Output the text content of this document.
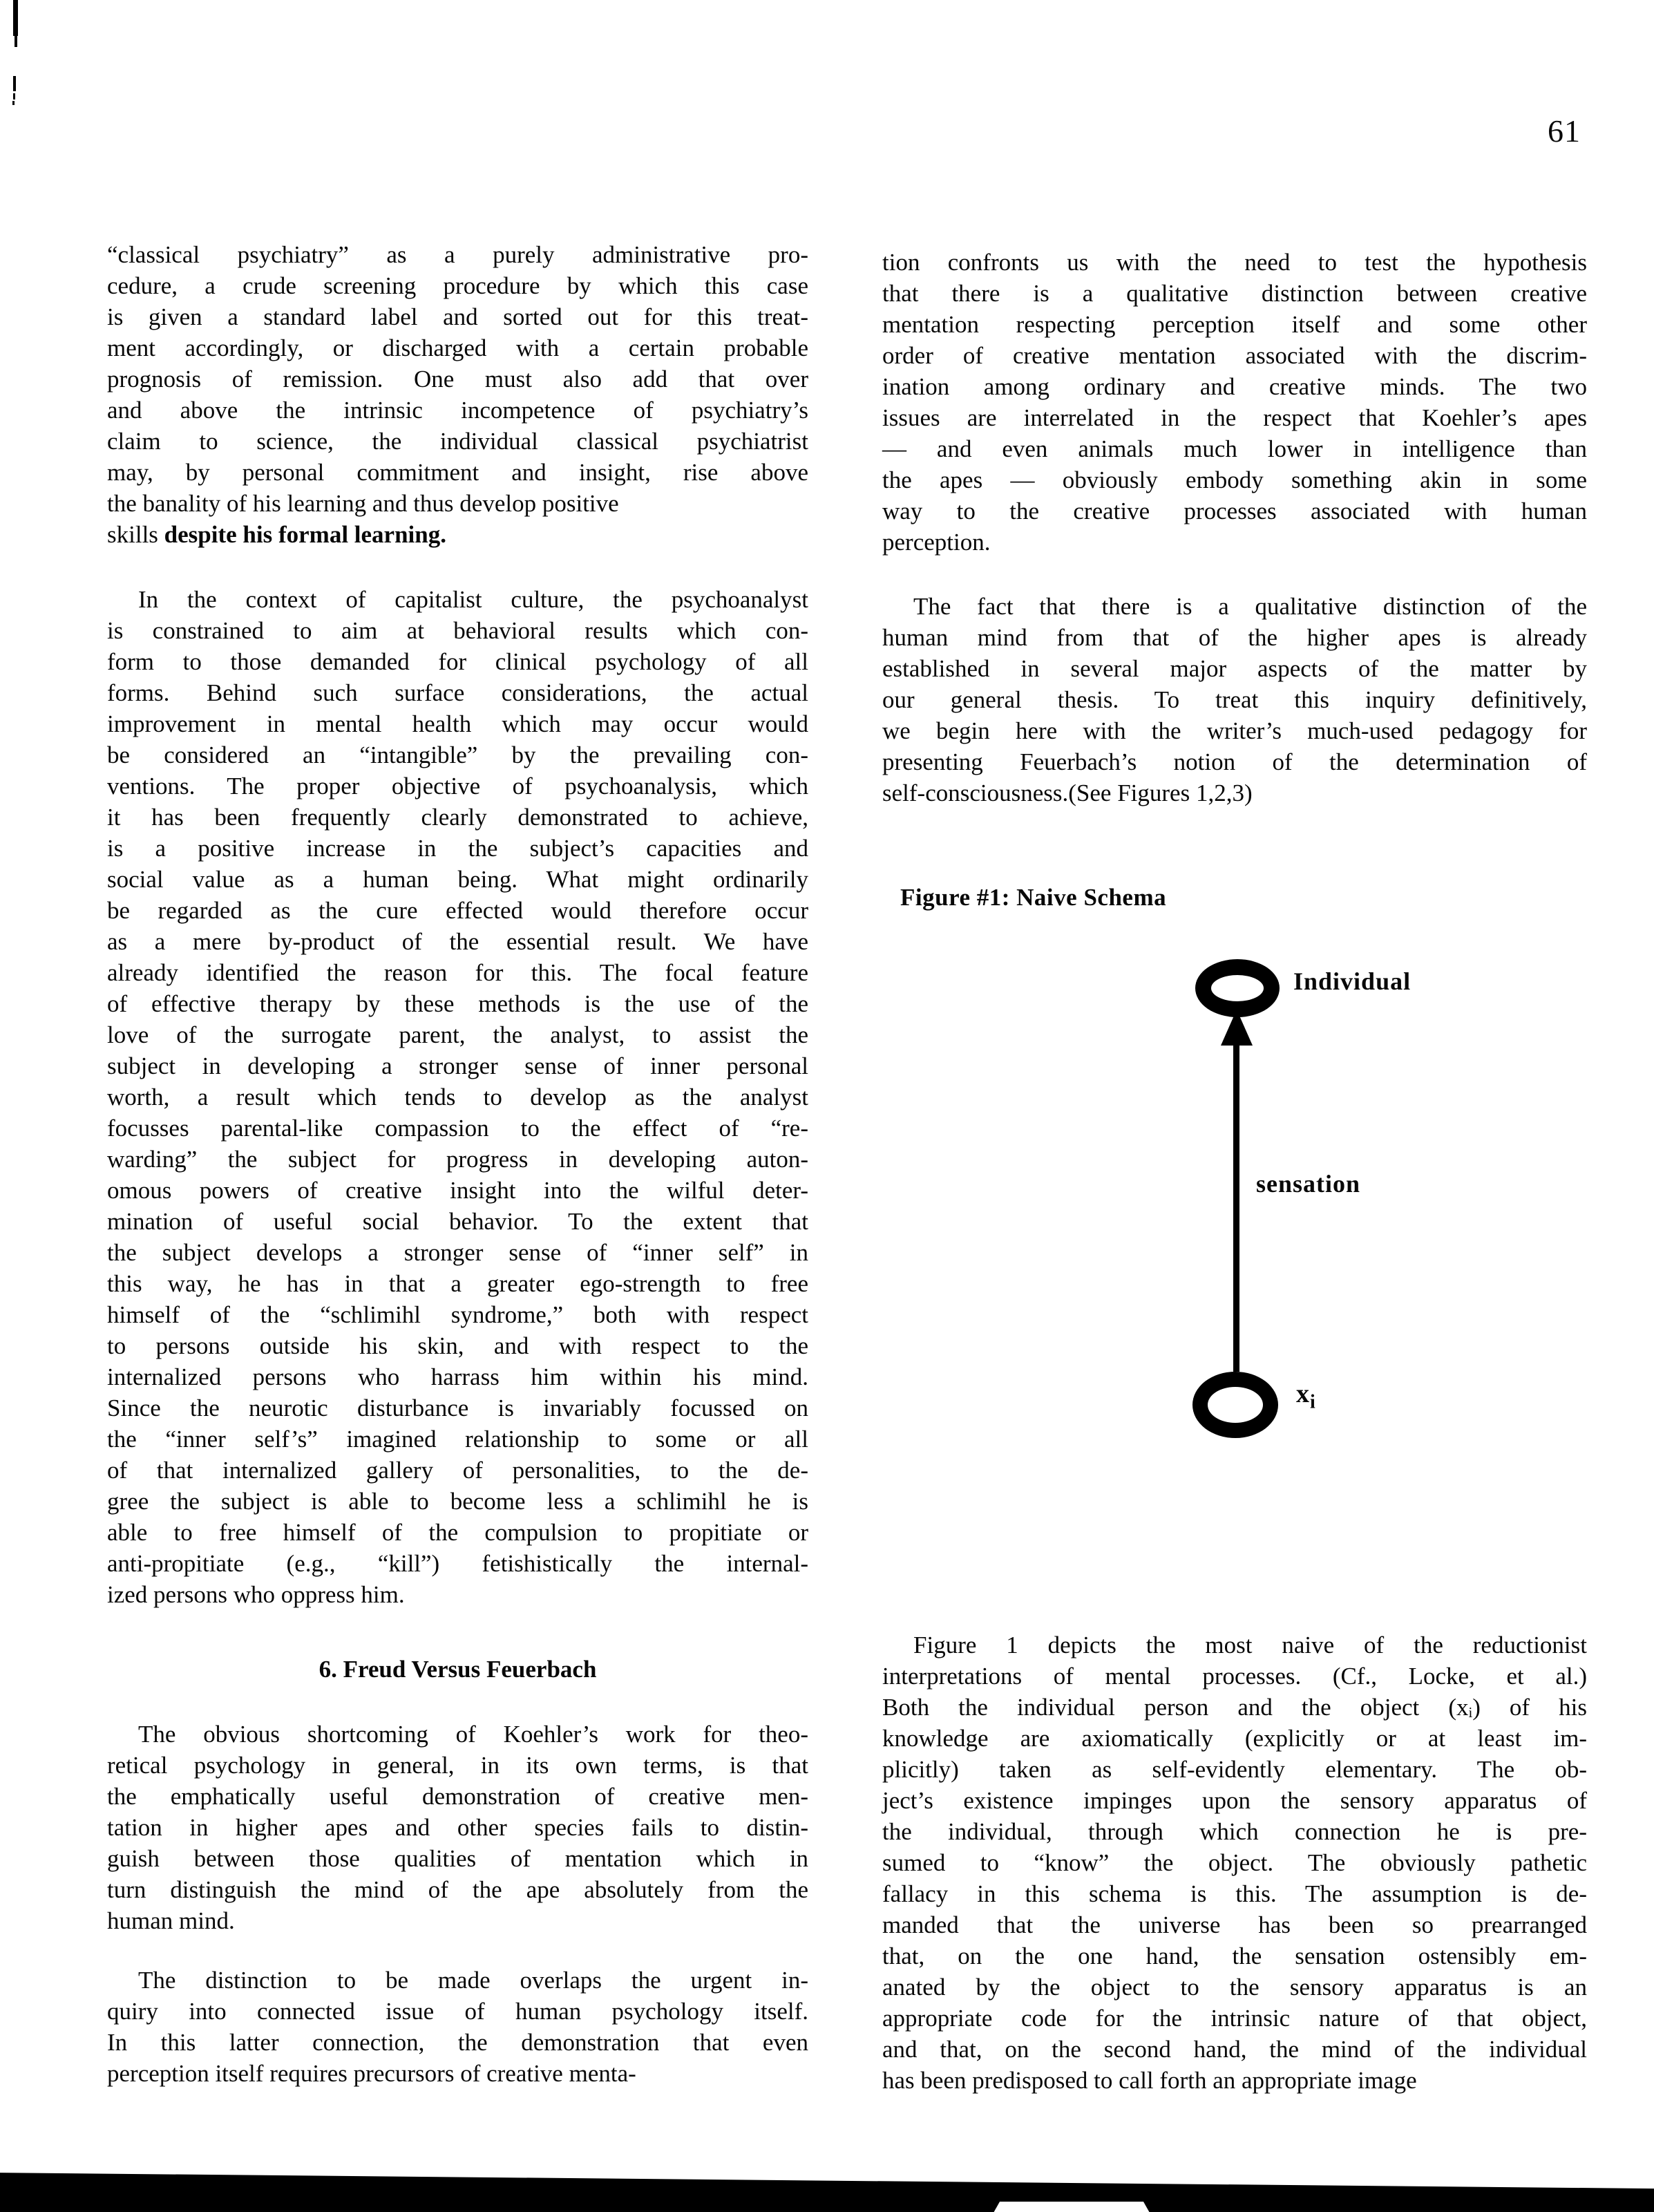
61
“classical psychiatry” as a purely administrative pro-
cedure, a crude screening procedure by which this case
is given a standard label and sorted out for this treat-
ment accordingly, or discharged with a certain probable
prognosis of remission. One must also add that over
and above the intrinsic incompetence of psychiatry’s
claim to science, the individual classical psychiatrist
may, by personal commitment and insight, rise above
the banality of his learning and thus develop positive
skills despite his formal learning.
In the context of capitalist culture, the psychoanalyst
is constrained to aim at behavioral results which con-
form to those demanded for clinical psychology of all
forms. Behind such surface considerations, the actual
improvement in mental health which may occur would
be considered an “intangible” by the prevailing con-
ventions. The proper objective of psychoanalysis, which
it has been frequently clearly demonstrated to achieve,
is a positive increase in the subject’s capacities and
social value as a human being. What might ordinarily
be regarded as the cure effected would therefore occur
as a mere by-product of the essential result. We have
already identified the reason for this. The focal feature
of effective therapy by these methods is the use of the
love of the surrogate parent, the analyst, to assist the
subject in developing a stronger sense of inner personal
worth, a result which tends to develop as the analyst
focusses parental-like compassion to the effect of “re-
warding” the subject for progress in developing auton-
omous powers of creative insight into the wilful deter-
mination of useful social behavior. To the extent that
the subject develops a stronger sense of “inner self” in
this way, he has in that a greater ego-strength to free
himself of the “schlimihl syndrome,” both with respect
to persons outside his skin, and with respect to the
internalized persons who harrass him within his mind.
Since the neurotic disturbance is invariably focussed on
the “inner self’s” imagined relationship to some or all
of that internalized gallery of personalities, to the de-
gree the subject is able to become less a schlimihl he is
able to free himself of the compulsion to propitiate or
anti-propitiate (e.g., “kill”) fetishistically the internal-
ized persons who oppress him.
6. Freud Versus Feuerbach
The obvious shortcoming of Koehler’s work for theo-
retical psychology in general, in its own terms, is that
the emphatically useful demonstration of creative men-
tation in higher apes and other species fails to distin-
guish between those qualities of mentation which in
turn distinguish the mind of the ape absolutely from the
human mind.
The distinction to be made overlaps the urgent in-
quiry into connected issue of human psychology itself.
In this latter connection, the demonstration that even
perception itself requires precursors of creative menta-
tion confronts us with the need to test the hypothesis
that there is a qualitative distinction between creative
mentation respecting perception itself and some other
order of creative mentation associated with the discrim-
ination among ordinary and creative minds. The two
issues are interrelated in the respect that Koehler’s apes
— and even animals much lower in intelligence than
the apes — obviously embody something akin in some
way to the creative processes associated with human
perception.
The fact that there is a qualitative distinction of the
human mind from that of the higher apes is already
established in several major aspects of the matter by
our general thesis. To treat this inquiry definitively,
we begin here with the writer’s much-used pedagogy for
presenting Feuerbach’s notion of the determination of
self-consciousness.(See Figures 1,2,3)
Figure #1: Naive Schema
Individual
sensation
$x_i$
Figure 1 depicts the most naive of the reductionist
interpretations of mental processes. (Cf., Locke, et al.)
Both the individual person and the object (xᵢ) of his
knowledge are axiomatically (explicitly or at least im-
plicitly) taken as self-evidently elementary. The ob-
ject’s existence impinges upon the sensory apparatus of
the individual, through which connection he is pre-
sumed to “know” the object. The obviously pathetic
fallacy in this schema is this. The assumption is de-
manded that the universe has been so prearranged
that, on the one hand, the sensation ostensibly em-
anated by the object to the sensory apparatus is an
appropriate code for the intrinsic nature of that object,
and that, on the second hand, the mind of the individual
has been predisposed to call forth an appropriate image
